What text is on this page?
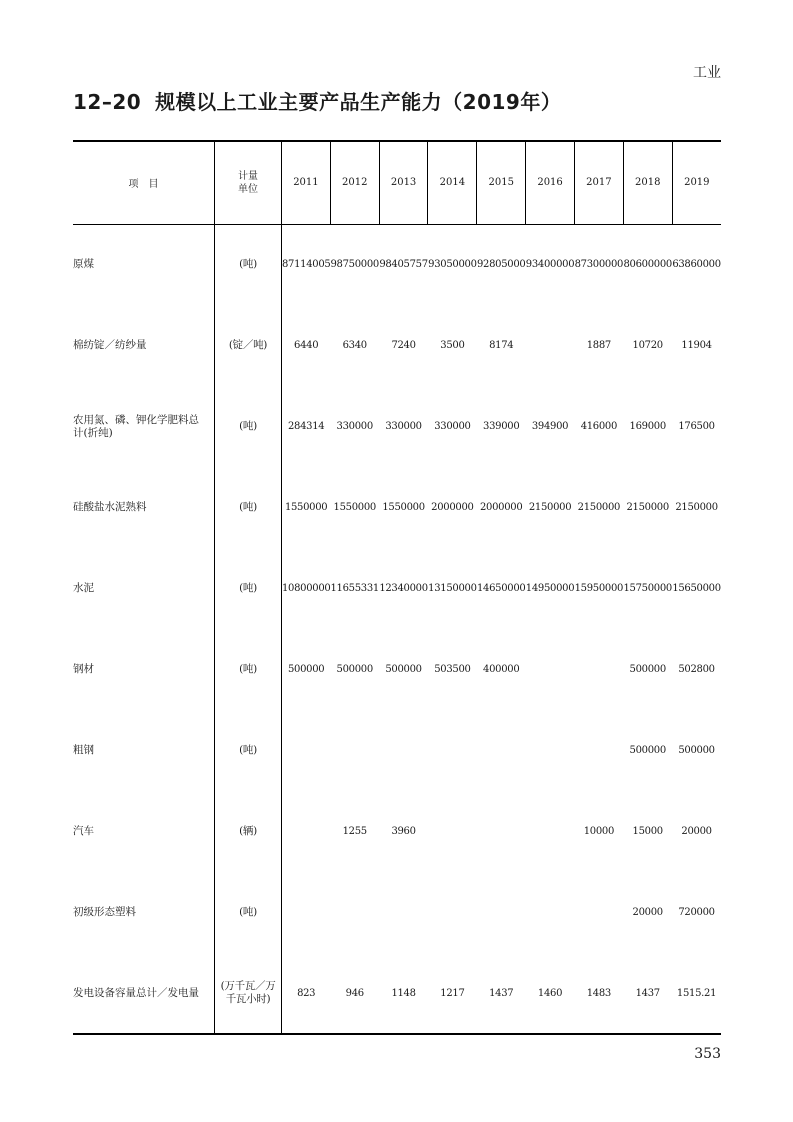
工业
12–20 规模以上工业主要产品生产能力（2019年）
项　目	计量
单位	2011	2012	2013	2014	2015	2016	2017	2018	2019
原煤	(吨)	87114005	98750000	98405757	93050000	92805000	93400000	87300000	80600000	63860000
棉纺锭／纺纱量	(锭／吨)	6440	6340	7240	3500	8174		1887	10720	11904
农用氮、磷、钾化学肥料总计(折纯)	(吨)	284314	330000	330000	330000	339000	394900	416000	169000	176500
硅酸盐水泥熟料	(吨)	1550000	1550000	1550000	2000000	2000000	2150000	2150000	2150000	2150000
水泥	(吨)	10800000	11655331	12340000	13150000	14650000	14950000	15950000	15750000	15650000
钢材	(吨)	500000	500000	500000	503500	400000			500000	502800
粗钢	(吨)								500000	500000
汽车	(辆)		1255	3960				10000	15000	20000
初级形态塑料	(吨)								20000	720000
发电设备容量总计／发电量	(万千瓦／万千瓦小时)	823	946	1148	1217	1437	1460	1483	1437	1515.21
353
